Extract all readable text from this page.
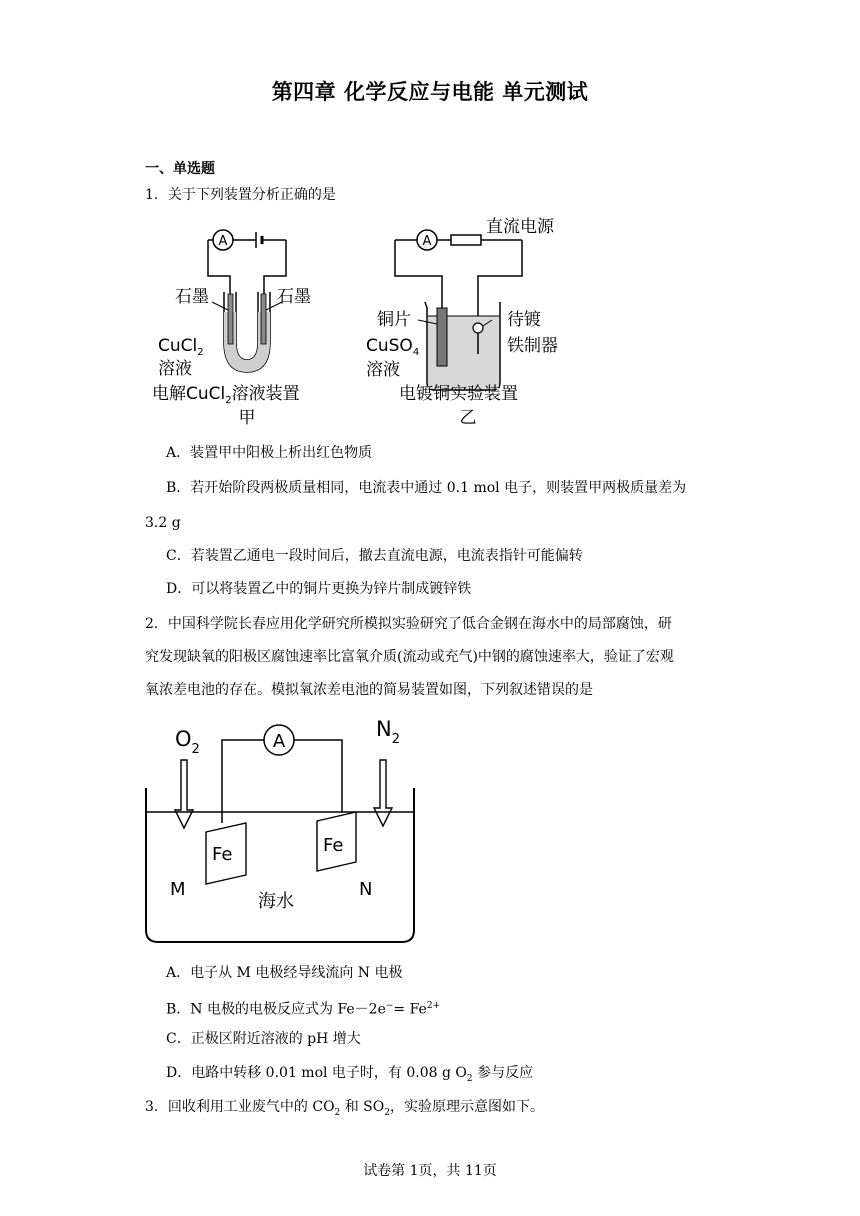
第四章 化学反应与电能 单元测试
一、单选题
1．关于下列装置分析正确的是
A
石墨	石墨
CuCl$_2$
溶液
电解CuCl$_2$溶液装置
甲
A
直流电源
铜片
CuSO$_4$
溶液
待镀
铁制器
电镀铜实验装置
乙
A．装置甲中阳极上析出红色物质
B．若开始阶段两极质量相同，电流表中通过 0.1 mol 电子，则装置甲两极质量差为
3.2 g
C．若装置乙通电一段时间后，撤去直流电源，电流表指针可能偏转
D．可以将装置乙中的铜片更换为锌片制成镀锌铁
2．中国科学院长春应用化学研究所模拟实验研究了低合金钢在海水中的局部腐蚀，研
究发现缺氧的阳极区腐蚀速率比富氧介质(流动或充气)中钢的腐蚀速率大，验证了宏观
氧浓差电池的存在。模拟氧浓差电池的简易装置如图，下列叙述错误的是
$O_2$
$N_2$
A
Fe	Fe
M	N
海水
A．电子从 M 电极经导线流向 N 电极
B．N 电极的电极反应式为 $Fe-2e^-= Fe^{2+}$
C．正极区附近溶液的 pH 增大
D．电路中转移 0.01 mol 电子时，有 0.08 g $O_2$ 参与反应
3．回收利用工业废气中的 $CO_2$ 和 $SO_2$，实验原理示意图如下。
试卷第 1页，共 11页
